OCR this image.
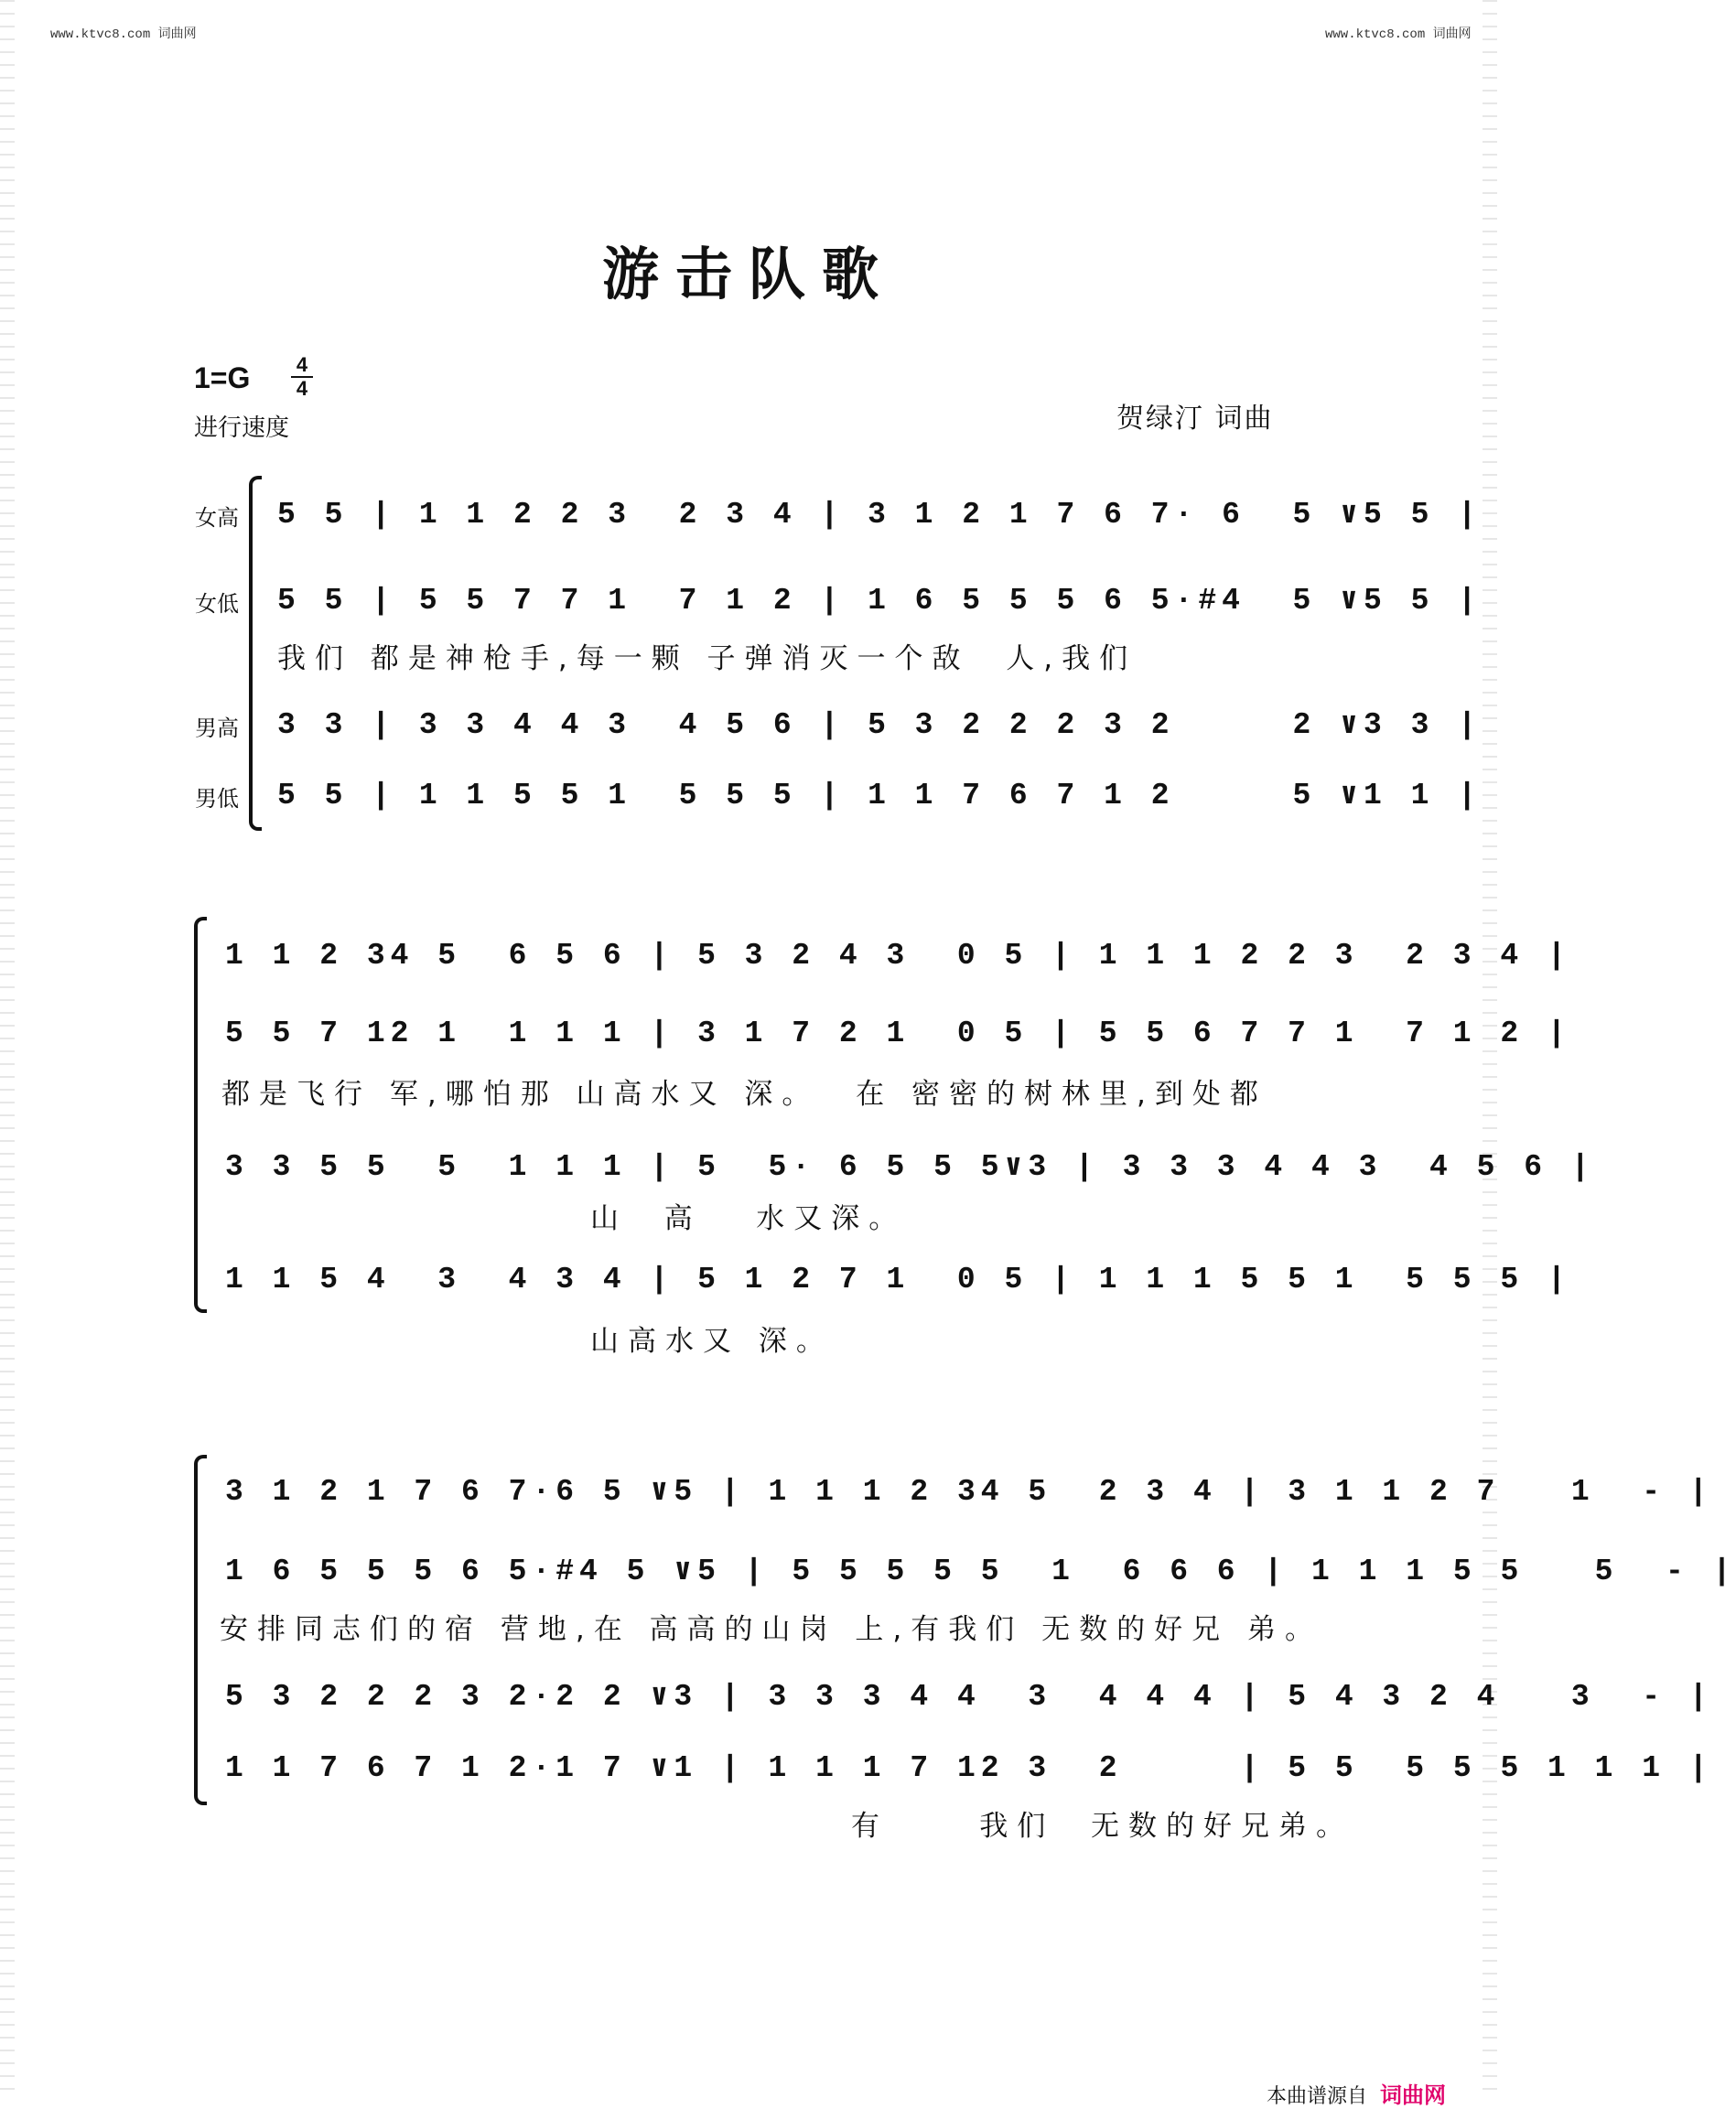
www.ktvc8.com 词曲网	www.ktvc8.com 词曲网
游击队歌
1=G 4
4
进行速度	贺绿汀 词曲
女高
女低
男高
男低
5 5 | 1 1 2 2 3  2 3 4 | 3 1 2 1 7 6 7· 6  5 ∨5 5 |
5 5 | 5 5 7 7 1  7 1 2 | 1 6 5 5 5 6 5·#4  5 ∨5 5 |
我们 都是神枪手,每一颗 子弹消灭一个敌  人,我们
3 3 | 3 3 4 4 3  4 5 6 | 5 3 2 2 2 3 2     2 ∨3 3 |
5 5 | 1 1 5 5 1  5 5 5 | 1 1 7 6 7 1 2     5 ∨1 1 |
1 1 2 34 5  6 5 6 | 5 3 2 4 3  0 5 | 1 1 1 2 2 3  2 3 4 |
5 5 7 12 1  1 1 1 | 3 1 7 2 1  0 5 | 5 5 6 7 7 1  7 1 2 |
都是飞行 军,哪怕那 山高水又 深。  在 密密的树林里,到处都
3 3 5 5  5  1 1 1 | 5  5· 6 5 5 5∨3 | 3 3 3 4 4 3  4 5 6 |
山  高   水又深。
1 1 5 4  3  4 3 4 | 5 1 2 7 1  0 5 | 1 1 1 5 5 1  5 5 5 |
山高水又 深。
3 1 2 1 7 6 7·6 5 ∨5 | 1 1 1 2 34 5  2 3 4 | 3 1 1 2 7   1  - |
1 6 5 5 5 6 5·#4 5 ∨5 | 5 5 5 5 5  1  6 6 6 | 1 1 1 5 5   5  - |
安排同志们的宿 营地,在 高高的山岗 上,有我们 无数的好兄 弟。
5 3 2 2 2 3 2·2 2 ∨3 | 3 3 3 4 4  3  4 4 4 | 5 4 3 2 4   3  - |
1 1 7 6 7 1 2·1 7 ∨1 | 1 1 1 7 12 3  2     | 5 5  5 5 5 1 1 1 |
有     我们  无数的好兄弟。

本曲谱源自 词曲网
